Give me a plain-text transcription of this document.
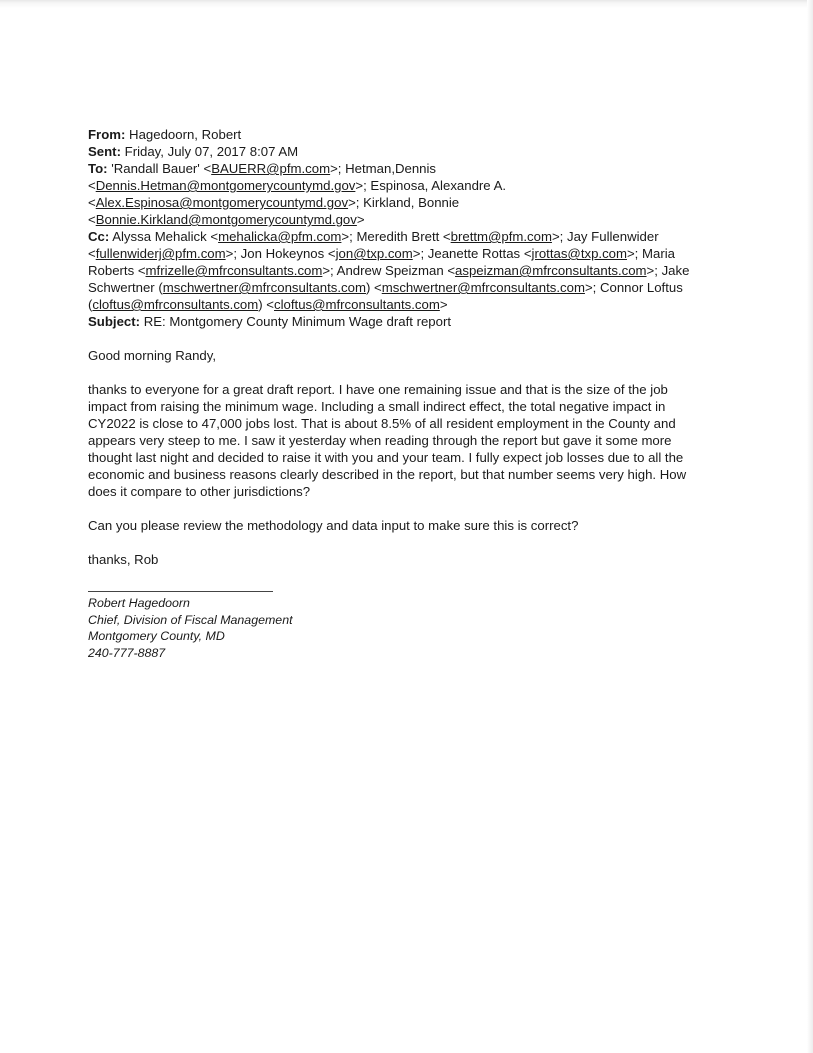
From: Hagedoorn, Robert
Sent: Friday, July 07, 2017 8:07 AM
To: 'Randall Bauer' <BAUERR@pfm.com>; Hetman,Dennis
<Dennis.Hetman@montgomerycountymd.gov>; Espinosa, Alexandre A.
<Alex.Espinosa@montgomerycountymd.gov>; Kirkland, Bonnie
<Bonnie.Kirkland@montgomerycountymd.gov>
Cc: Alyssa Mehalick <mehalicka@pfm.com>; Meredith Brett <brettm@pfm.com>; Jay Fullenwider
<fullenwiderj@pfm.com>; Jon Hokeynos <jon@txp.com>; Jeanette Rottas <jrottas@txp.com>; Maria
Roberts <mfrizelle@mfrconsultants.com>; Andrew Speizman <aspeizman@mfrconsultants.com>; Jake
Schwertner (mschwertner@mfrconsultants.com) <mschwertner@mfrconsultants.com>; Connor Loftus
(cloftus@mfrconsultants.com) <cloftus@mfrconsultants.com>
Subject: RE: Montgomery County Minimum Wage draft report

Good morning Randy,

thanks to everyone for a great draft report. I have one remaining issue and that is the size of the job
impact from raising the minimum wage. Including a small indirect effect, the total negative impact in
CY2022 is close to 47,000 jobs lost. That is about 8.5% of all resident employment in the County and
appears very steep to me. I saw it yesterday when reading through the report but gave it some more
thought last night and decided to raise it with you and your team. I fully expect job losses due to all the
economic and business reasons clearly described in the report, but that number seems very high. How
does it compare to other jurisdictions?

Can you please review the methodology and data input to make sure this is correct?

thanks, Rob

Robert Hagedoorn
Chief, Division of Fiscal Management
Montgomery County, MD
240-777-8887
